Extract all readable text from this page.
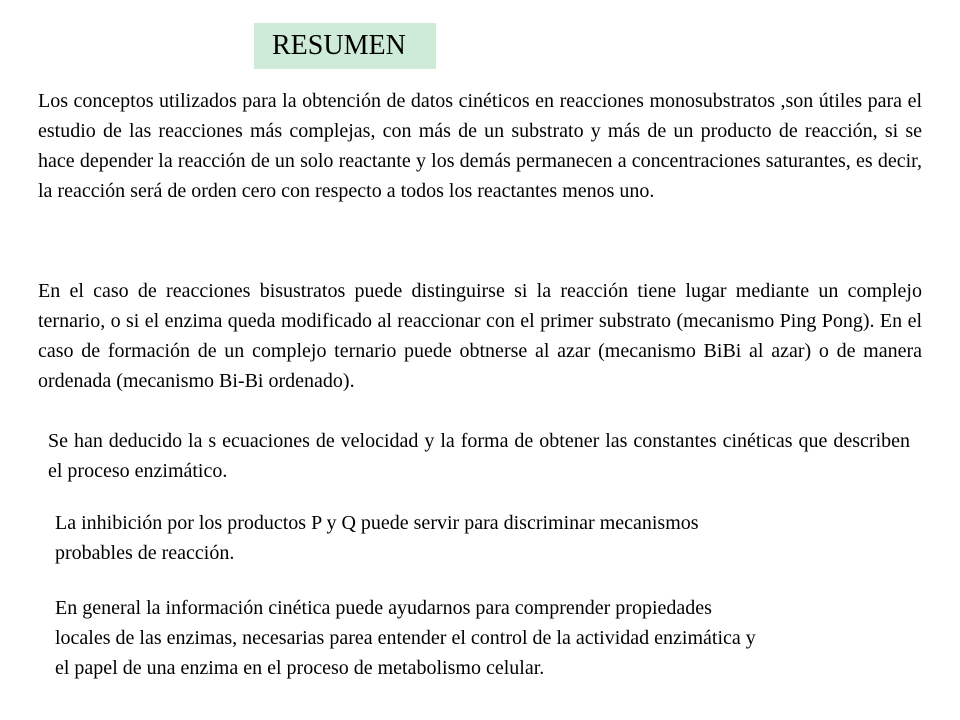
RESUMEN

Los conceptos utilizados para la obtención de datos cinéticos en reacciones monosubstratos ,son útiles para el estudio de las reacciones más complejas, con más de un substrato y más de un producto de reacción, si se hace depender la reacción de un solo reactante y los demás permanecen a concentraciones saturantes, es decir, la reacción será de orden cero con respecto a todos los reactantes menos uno.

En el caso de reacciones bisustratos puede distinguirse si la reacción tiene lugar mediante un complejo ternario, o si el enzima queda modificado al reaccionar con el primer substrato (mecanismo Ping Pong). En el caso de formación de un complejo ternario puede obtnerse al azar (mecanismo BiBi al azar) o de manera ordenada (mecanismo Bi-Bi ordenado).

Se han deducido la s ecuaciones de velocidad y la forma de obtener las constantes cinéticas que describen el proceso enzimático.

La inhibición por los productos P y Q puede servir para discriminar mecanismos
probables de reacción.

En general la información cinética puede ayudarnos para comprender propiedades
locales de las enzimas, necesarias parea entender el control de la actividad enzimática y
el papel de una enzima en el proceso de metabolismo celular.
